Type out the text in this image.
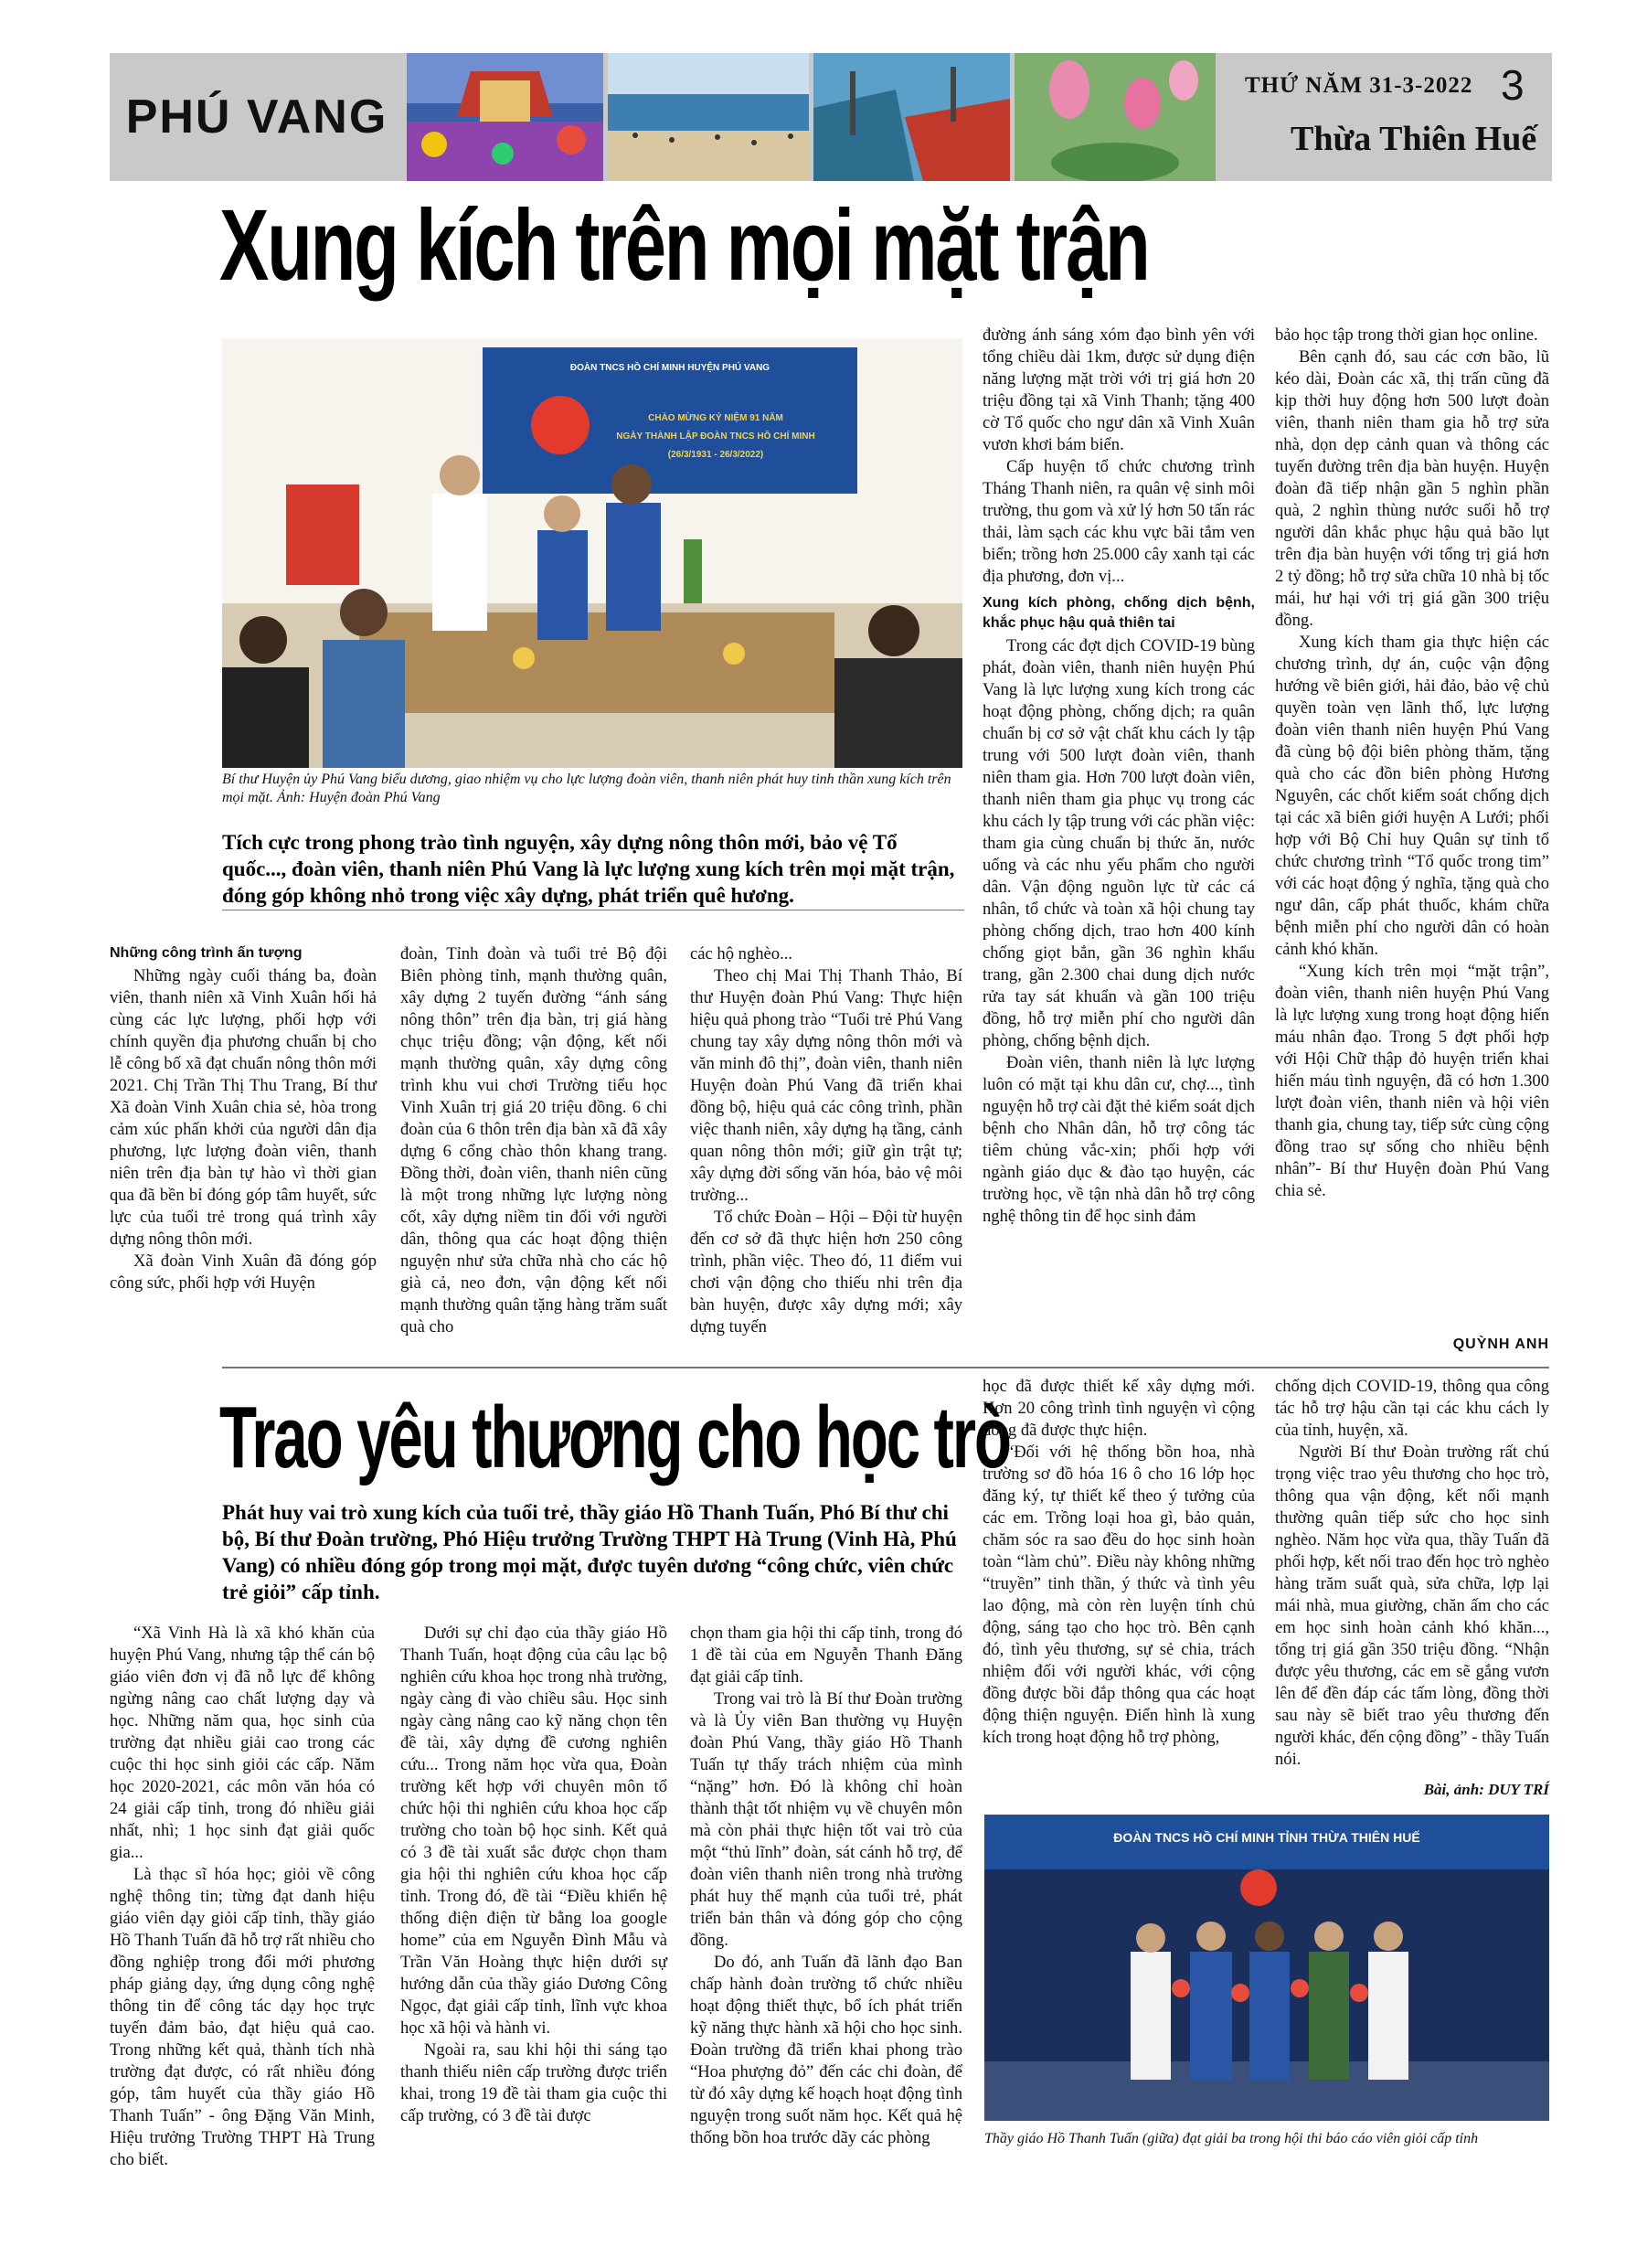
PHÚ VANG
THỨ NĂM 31-3-2022 3
Thừa Thiên Huế
Xung kích trên mọi mặt trận
ĐOÀN TNCS HỒ CHÍ MINH HUYỆN PHÚ VANG
CHÀO MỪNG KỶ NIỆM 91 NĂM
NGÀY THÀNH LẬP ĐOÀN TNCS HỒ CHÍ MINH
(26/3/1931 - 26/3/2022)
Bí thư Huyện ủy Phú Vang biểu dương, giao nhiệm vụ cho lực lượng đoàn viên, thanh niên phát huy tinh thần xung kích trên mọi mặt. Ảnh: Huyện đoàn Phú Vang
Tích cực trong phong trào tình nguyện, xây dựng nông thôn mới, bảo vệ Tổ quốc..., đoàn viên, thanh niên Phú Vang là lực lượng xung kích trên mọi mặt trận, đóng góp không nhỏ trong việc xây dựng, phát triển quê hương.
Những công trình ấn tượng

Những ngày cuối tháng ba, đoàn viên, thanh niên xã Vinh Xuân hối hả cùng các lực lượng, phối hợp với chính quyền địa phương chuẩn bị cho lễ công bố xã đạt chuẩn nông thôn mới 2021. Chị Trần Thị Thu Trang, Bí thư Xã đoàn Vinh Xuân chia sẻ, hòa trong cảm xúc phấn khởi của người dân địa phương, lực lượng đoàn viên, thanh niên trên địa bàn tự hào vì thời gian qua đã bền bỉ đóng góp tâm huyết, sức lực của tuổi trẻ trong quá trình xây dựng nông thôn mới.

Xã đoàn Vinh Xuân đã đóng góp công sức, phối hợp với Huyện

đoàn, Tỉnh đoàn và tuổi trẻ Bộ đội Biên phòng tỉnh, mạnh thường quân, xây dựng 2 tuyến đường “ánh sáng nông thôn” trên địa bàn, trị giá hàng chục triệu đồng; vận động, kết nối mạnh thường quân, xây dựng công trình khu vui chơi Trường tiểu học Vinh Xuân trị giá 20 triệu đồng. 6 chi đoàn của 6 thôn trên địa bàn xã đã xây dựng 6 cổng chào thôn khang trang. Đồng thời, đoàn viên, thanh niên cũng là một trong những lực lượng nòng cốt, xây dựng niềm tin đối với người dân, thông qua các hoạt động thiện nguyện như sửa chữa nhà cho các hộ già cả, neo đơn, vận động kết nối mạnh thường quân tặng hàng trăm suất quà cho

các hộ nghèo...

Theo chị Mai Thị Thanh Thảo, Bí thư Huyện đoàn Phú Vang: Thực hiện hiệu quả phong trào “Tuổi trẻ Phú Vang chung tay xây dựng nông thôn mới và văn minh đô thị”, đoàn viên, thanh niên Huyện đoàn Phú Vang đã triển khai đồng bộ, hiệu quả các công trình, phần việc thanh niên, xây dựng hạ tầng, cảnh quan nông thôn mới; giữ gìn trật tự; xây dựng đời sống văn hóa, bảo vệ môi trường...

Tổ chức Đoàn – Hội – Đội từ huyện đến cơ sở đã thực hiện hơn 250 công trình, phần việc. Theo đó, 11 điểm vui chơi vận động cho thiếu nhi trên địa bàn huyện, được xây dựng mới; xây dựng tuyến

đường ánh sáng xóm đạo bình yên với tổng chiều dài 1km, được sử dụng điện năng lượng mặt trời với trị giá hơn 20 triệu đồng tại xã Vinh Thanh; tặng 400 cờ Tổ quốc cho ngư dân xã Vinh Xuân vươn khơi bám biển.

Cấp huyện tổ chức chương trình Tháng Thanh niên, ra quân vệ sinh môi trường, thu gom và xử lý hơn 50 tấn rác thải, làm sạch các khu vực bãi tắm ven biển; trồng hơn 25.000 cây xanh tại các địa phương, đơn vị...

Xung kích phòng, chống dịch bệnh, khắc phục hậu quả thiên tai

Trong các đợt dịch COVID-19 bùng phát, đoàn viên, thanh niên huyện Phú Vang là lực lượng xung kích trong các hoạt động phòng, chống dịch; ra quân chuẩn bị cơ sở vật chất khu cách ly tập trung với 500 lượt đoàn viên, thanh niên tham gia. Hơn 700 lượt đoàn viên, thanh niên tham gia phục vụ trong các khu cách ly tập trung với các phần việc: tham gia cùng chuẩn bị thức ăn, nước uống và các nhu yếu phẩm cho người dân. Vận động nguồn lực từ các cá nhân, tổ chức và toàn xã hội chung tay phòng chống dịch, trao hơn 400 kính chống giọt bắn, gần 36 nghìn khẩu trang, gần 2.300 chai dung dịch nước rửa tay sát khuẩn và gần 100 triệu đồng, hỗ trợ miễn phí cho người dân phòng, chống bệnh dịch.

Đoàn viên, thanh niên là lực lượng luôn có mặt tại khu dân cư, chợ..., tình nguyện hỗ trợ cài đặt thẻ kiểm soát dịch bệnh cho Nhân dân, hỗ trợ công tác tiêm chủng vắc-xin; phối hợp với ngành giáo dục & đào tạo huyện, các trường học, về tận nhà dân hỗ trợ công nghệ thông tin để học sinh đảm

bảo học tập trong thời gian học online.

Bên cạnh đó, sau các cơn bão, lũ kéo dài, Đoàn các xã, thị trấn cũng đã kịp thời huy động hơn 500 lượt đoàn viên, thanh niên tham gia hỗ trợ sửa nhà, dọn dẹp cảnh quan và thông các tuyến đường trên địa bàn huyện. Huyện đoàn đã tiếp nhận gần 5 nghìn phần quà, 2 nghìn thùng nước suối hỗ trợ người dân khắc phục hậu quả bão lụt trên địa bàn huyện với tổng trị giá hơn 2 tỷ đồng; hỗ trợ sửa chữa 10 nhà bị tốc mái, hư hại với trị giá gần 300 triệu đồng.

Xung kích tham gia thực hiện các chương trình, dự án, cuộc vận động hướng về biên giới, hải đảo, bảo vệ chủ quyền toàn vẹn lãnh thổ, lực lượng đoàn viên thanh niên huyện Phú Vang đã cùng bộ đội biên phòng thăm, tặng quà cho các đồn biên phòng Hương Nguyên, các chốt kiểm soát chống dịch tại các xã biên giới huyện A Lưới; phối hợp với Bộ Chỉ huy Quân sự tỉnh tổ chức chương trình “Tổ quốc trong tim” với các hoạt động ý nghĩa, tặng quà cho ngư dân, cấp phát thuốc, khám chữa bệnh miễn phí cho người dân có hoàn cảnh khó khăn.

“Xung kích trên mọi “mặt trận”, đoàn viên, thanh niên huyện Phú Vang là lực lượng xung trong hoạt động hiến máu nhân đạo. Trong 5 đợt phối hợp với Hội Chữ thập đỏ huyện triển khai hiến máu tình nguyện, đã có hơn 1.300 lượt đoàn viên, thanh niên và hội viên thanh gia, chung tay, tiếp sức cùng cộng đồng trao sự sống cho nhiều bệnh nhân”- Bí thư Huyện đoàn Phú Vang chia sẻ.

QUỲNH ANH
Trao yêu thương cho học trò
Phát huy vai trò xung kích của tuổi trẻ, thầy giáo Hồ Thanh Tuấn, Phó Bí thư chi bộ, Bí thư Đoàn trường, Phó Hiệu trưởng Trường THPT Hà Trung (Vinh Hà, Phú Vang) có nhiều đóng góp trong mọi mặt, được tuyên dương “công chức, viên chức trẻ giỏi” cấp tỉnh.

“Xã Vinh Hà là xã khó khăn của huyện Phú Vang, nhưng tập thể cán bộ giáo viên đơn vị đã nỗ lực để không ngừng nâng cao chất lượng dạy và học. Những năm qua, học sinh của trường đạt nhiều giải cao trong các cuộc thi học sinh giỏi các cấp. Năm học 2020-2021, các môn văn hóa có 24 giải cấp tỉnh, trong đó nhiều giải nhất, nhì; 1 học sinh đạt giải quốc gia...

Là thạc sĩ hóa học; giỏi về công nghệ thông tin; từng đạt danh hiệu giáo viên dạy giỏi cấp tỉnh, thầy giáo Hồ Thanh Tuấn đã hỗ trợ rất nhiều cho đồng nghiệp trong đổi mới phương pháp giảng dạy, ứng dụng công nghệ thông tin để công tác dạy học trực tuyến đảm bảo, đạt hiệu quả cao. Trong những kết quả, thành tích nhà trường đạt được, có rất nhiều đóng góp, tâm huyết của thầy giáo Hồ Thanh Tuấn” - ông Đặng Văn Minh, Hiệu trưởng Trường THPT Hà Trung cho biết.

Dưới sự chỉ đạo của thầy giáo Hồ Thanh Tuấn, hoạt động của câu lạc bộ nghiên cứu khoa học trong nhà trường, ngày càng đi vào chiều sâu. Học sinh ngày càng nâng cao kỹ năng chọn tên đề tài, xây dựng đề cương nghiên cứu... Trong năm học vừa qua, Đoàn trường kết hợp với chuyên môn tổ chức hội thi nghiên cứu khoa học cấp trường cho toàn bộ học sinh. Kết quả có 3 đề tài xuất sắc được chọn tham gia hội thi nghiên cứu khoa học cấp tỉnh. Trong đó, đề tài “Điều khiển hệ thống điện điện từ bằng loa google home” của em Nguyễn Đình Mẫu và Trần Văn Hoàng thực hiện dưới sự hướng dẫn của thầy giáo Dương Công Ngọc, đạt giải cấp tỉnh, lĩnh vực khoa học xã hội và hành vi.

Ngoài ra, sau khi hội thi sáng tạo thanh thiếu niên cấp trường được triển khai, trong 19 đề tài tham gia cuộc thi cấp trường, có 3 đề tài được

chọn tham gia hội thi cấp tỉnh, trong đó 1 đề tài của em Nguyễn Thanh Đăng đạt giải cấp tỉnh.

Trong vai trò là Bí thư Đoàn trường và là Ủy viên Ban thường vụ Huyện đoàn Phú Vang, thầy giáo Hồ Thanh Tuấn tự thấy trách nhiệm của mình “nặng” hơn. Đó là không chỉ hoàn thành thật tốt nhiệm vụ về chuyên môn mà còn phải thực hiện tốt vai trò của một “thủ lĩnh” đoàn, sát cánh hỗ trợ, để đoàn viên thanh niên trong nhà trường phát huy thế mạnh của tuổi trẻ, phát triển bản thân và đóng góp cho cộng đồng.

Do đó, anh Tuấn đã lãnh đạo Ban chấp hành đoàn trường tổ chức nhiều hoạt động thiết thực, bổ ích phát triển kỹ năng thực hành xã hội cho học sinh. Đoàn trường đã triển khai phong trào “Hoa phượng đỏ” đến các chi đoàn, để từ đó xây dựng kế hoạch hoạt động tình nguyện trong suốt năm học. Kết quả hệ thống bồn hoa trước dãy các phòng

học đã được thiết kế xây dựng mới. Hơn 20 công trình tình nguyện vì cộng đồng đã được thực hiện.

“Đối với hệ thống bồn hoa, nhà trường sơ đồ hóa 16 ô cho 16 lớp học đăng ký, tự thiết kế theo ý tưởng của các em. Trồng loại hoa gì, bảo quản, chăm sóc ra sao đều do học sinh hoàn toàn “làm chủ”. Điều này không những “truyền” tinh thần, ý thức và tình yêu lao động, mà còn rèn luyện tính chủ động, sáng tạo cho học trò. Bên cạnh đó, tình yêu thương, sự sẻ chia, trách nhiệm đối với người khác, với cộng đồng được bồi đắp thông qua các hoạt động thiện nguyện. Điển hình là xung kích trong hoạt động hỗ trợ phòng,

chống dịch COVID-19, thông qua công tác hỗ trợ hậu cần tại các khu cách ly của tỉnh, huyện, xã.

Người Bí thư Đoàn trường rất chú trọng việc trao yêu thương cho học trò, thông qua vận động, kết nối mạnh thường quân tiếp sức cho học sinh nghèo. Năm học vừa qua, thầy Tuấn đã phối hợp, kết nối trao đến học trò nghèo hàng trăm suất quà, sửa chữa, lợp lại mái nhà, mua giường, chăn ấm cho các em học sinh hoàn cảnh khó khăn..., tổng trị giá gần 350 triệu đồng. “Nhận được yêu thương, các em sẽ gắng vươn lên để đền đáp các tấm lòng, đồng thời sau này sẽ biết trao yêu thương đến người khác, đến cộng đồng” - thầy Tuấn nói.

Bài, ảnh: DUY TRÍ
ĐOÀN TNCS HỒ CHÍ MINH TỈNH THỪA THIÊN HUẾ
Thầy giáo Hồ Thanh Tuấn (giữa) đạt giải ba trong hội thi báo cáo viên giỏi cấp tỉnh
